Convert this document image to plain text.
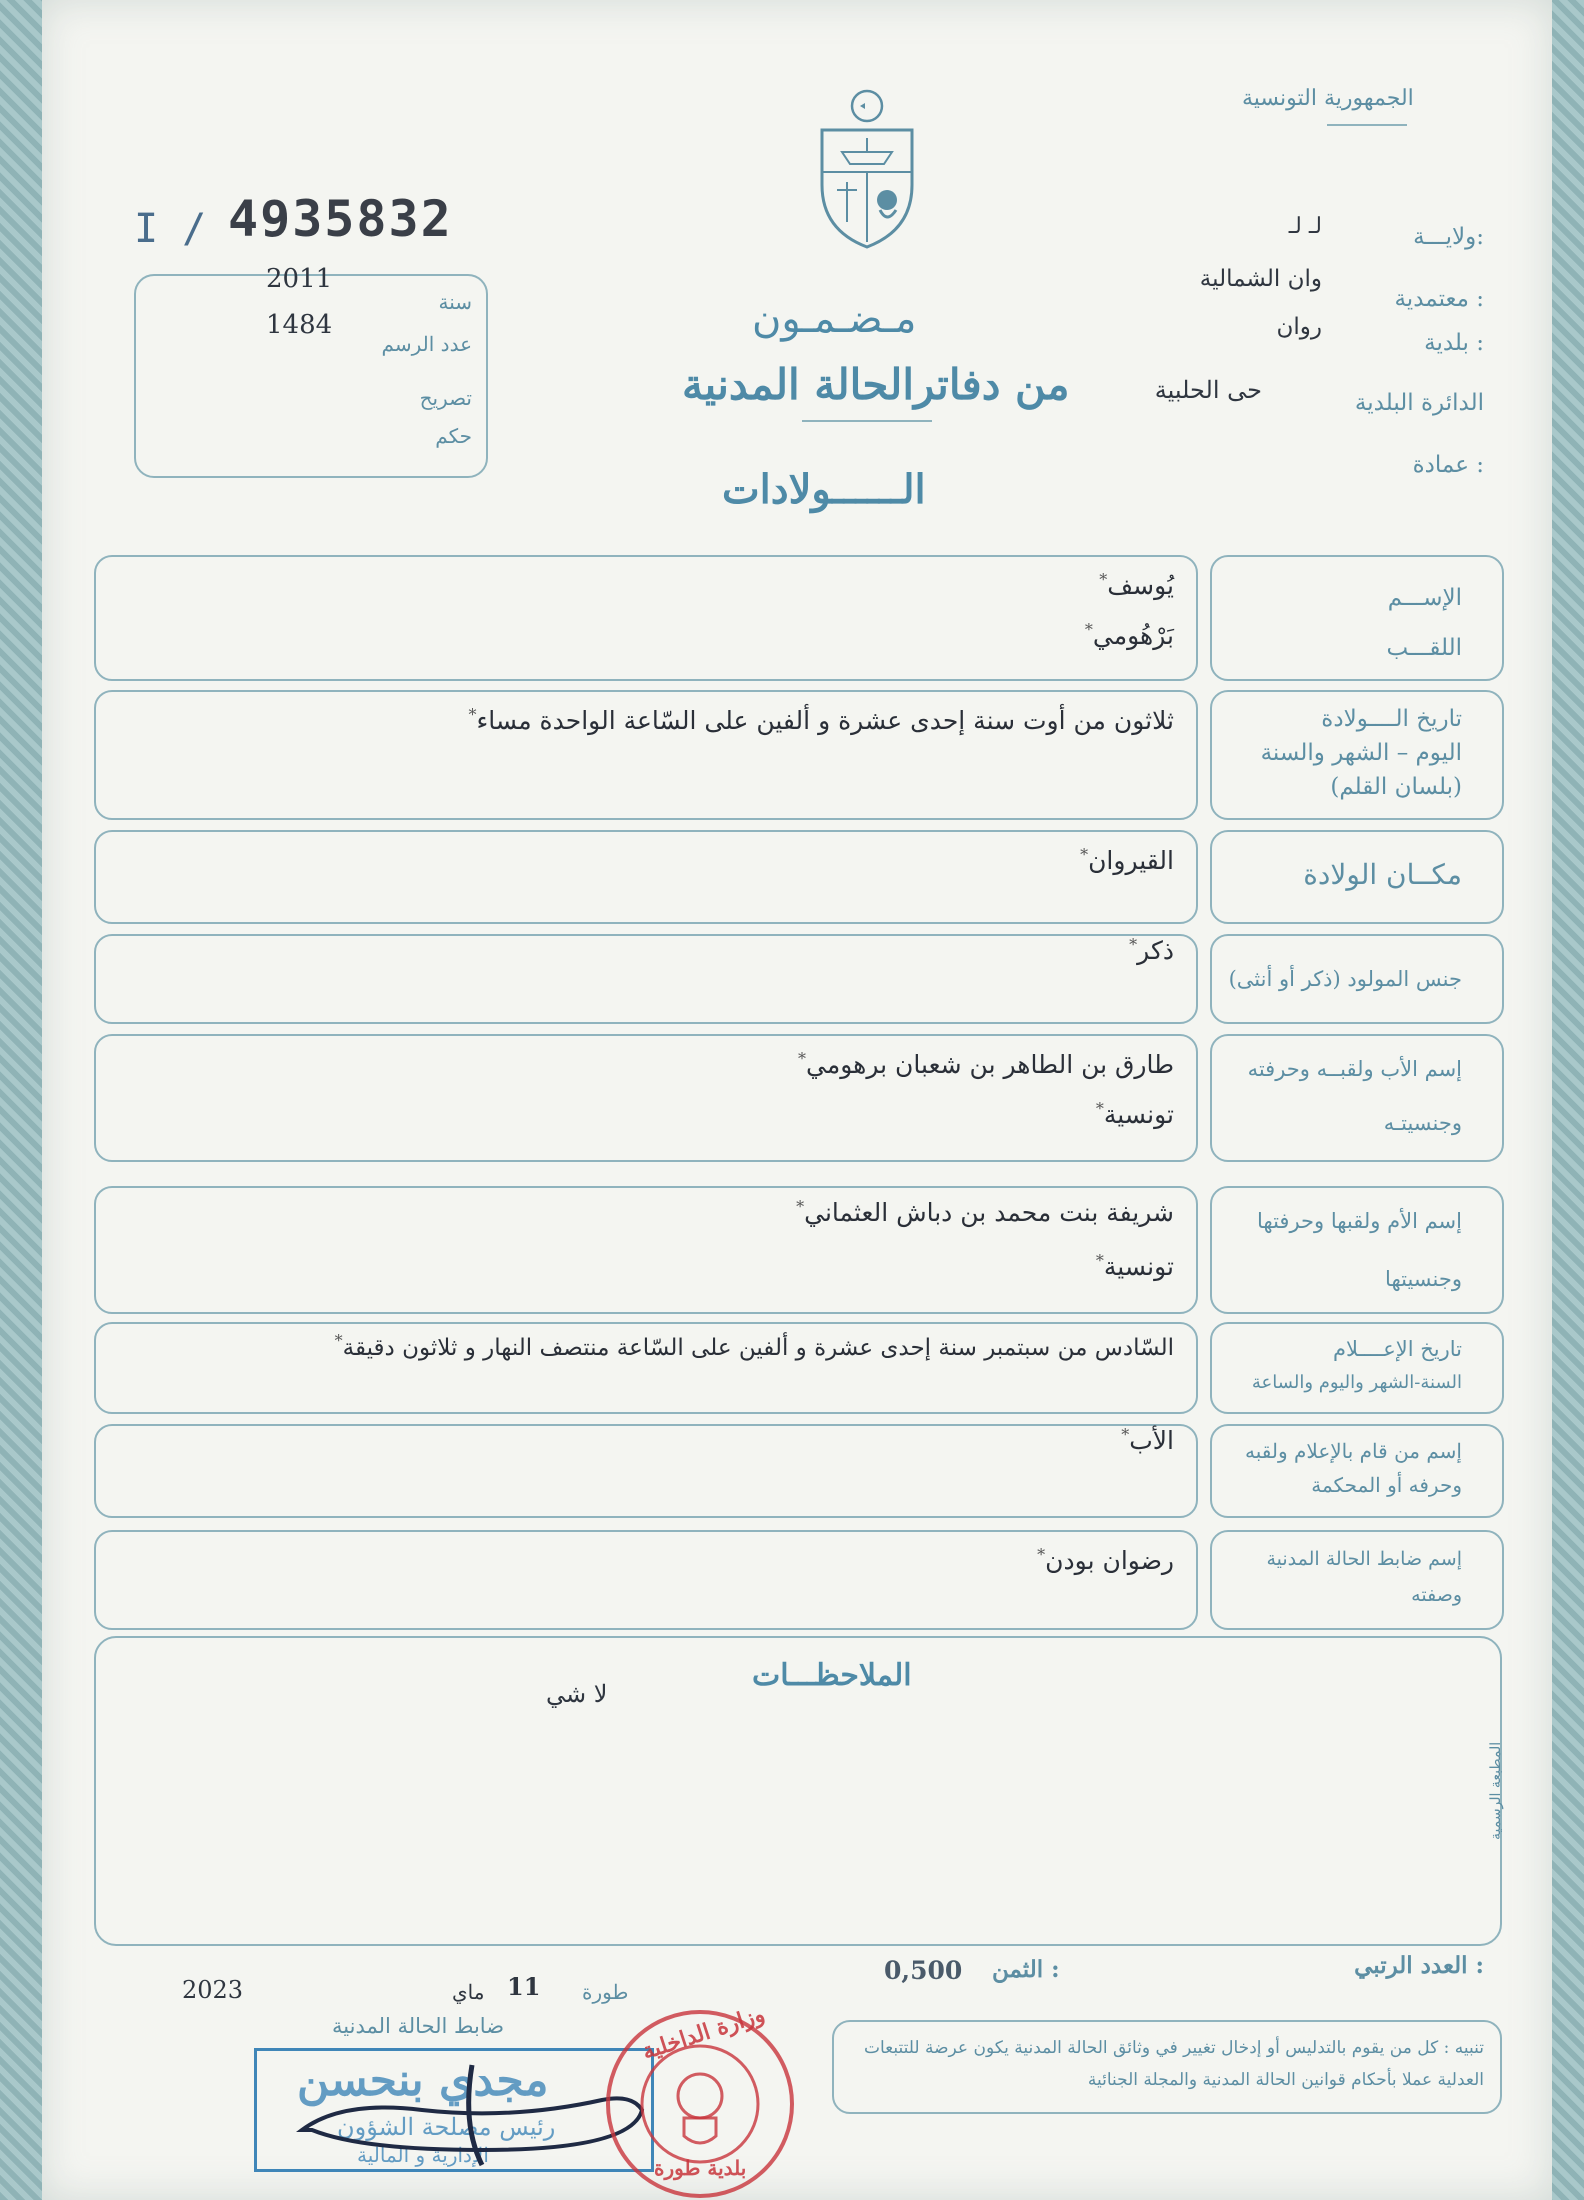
الجمهورية التونسية
I / 4935832
2011
سنة
1484
عدد الرسم
تصريح
حكم
مـضـمـون
من دفاترالحالة المدنية
الــــــولادات
ولايـــة:
لـ لـ
معتمدية :
وان الشمالية
بلدية :
روان
الدائرة البلدية
حى الحلبية
عمادة :
الإســـم
اللقـــب
يُوسف *
بَرْهُومي *
تاريخ الــــولادة
اليوم – الشهر والسنة
(بلسان القلم)
ثلاثون من أوت سنة إحدى عشرة و ألفين على السّاعة الواحدة مساء *
مكــان الولادة
القيروان *
جنس المولود (ذكر أو أنثى)
ذكر *
إسم الأب ولقبــه وحرفته
وجنسيتـه
طارق بن الطاهر بن شعبان برهومي *
تونسية *
إسم الأم ولقبها وحرفتها
وجنسيتها
شريفة بنت محمد بن دباش العثماني *
تونسية *
تاريخ الإعــــلام
السنة-الشهر واليوم والساعة
السّادس من سبتمبر سنة إحدى عشرة و ألفين على السّاعة منتصف النهار و ثلاثون دقيقة *
إسم من قام بالإعلام ولقبه
وحرفه أو المحكمة
الأب *
إسم ضابط الحالة المدنية
وصفته
رضوان بودن *
الملاحظـــات
لا شي
المطبعة الرسمية
العدد الرتبي :
الثمن :
0,500
طورة
11
ماي
2023
ضابط الحالة المدنية
مجدي بنحسن
رئيس مصلحة الشؤون
الإدارية و المالية
وزارة الداخلية
بلدية طورة
تنبيه : كل من يقوم بالتدليس أو إدخال تغيير في وثائق الحالة المدنية يكون عرضة للتتبعات العدلية عملا بأحكام قوانين الحالة المدنية والمجلة الجنائية
